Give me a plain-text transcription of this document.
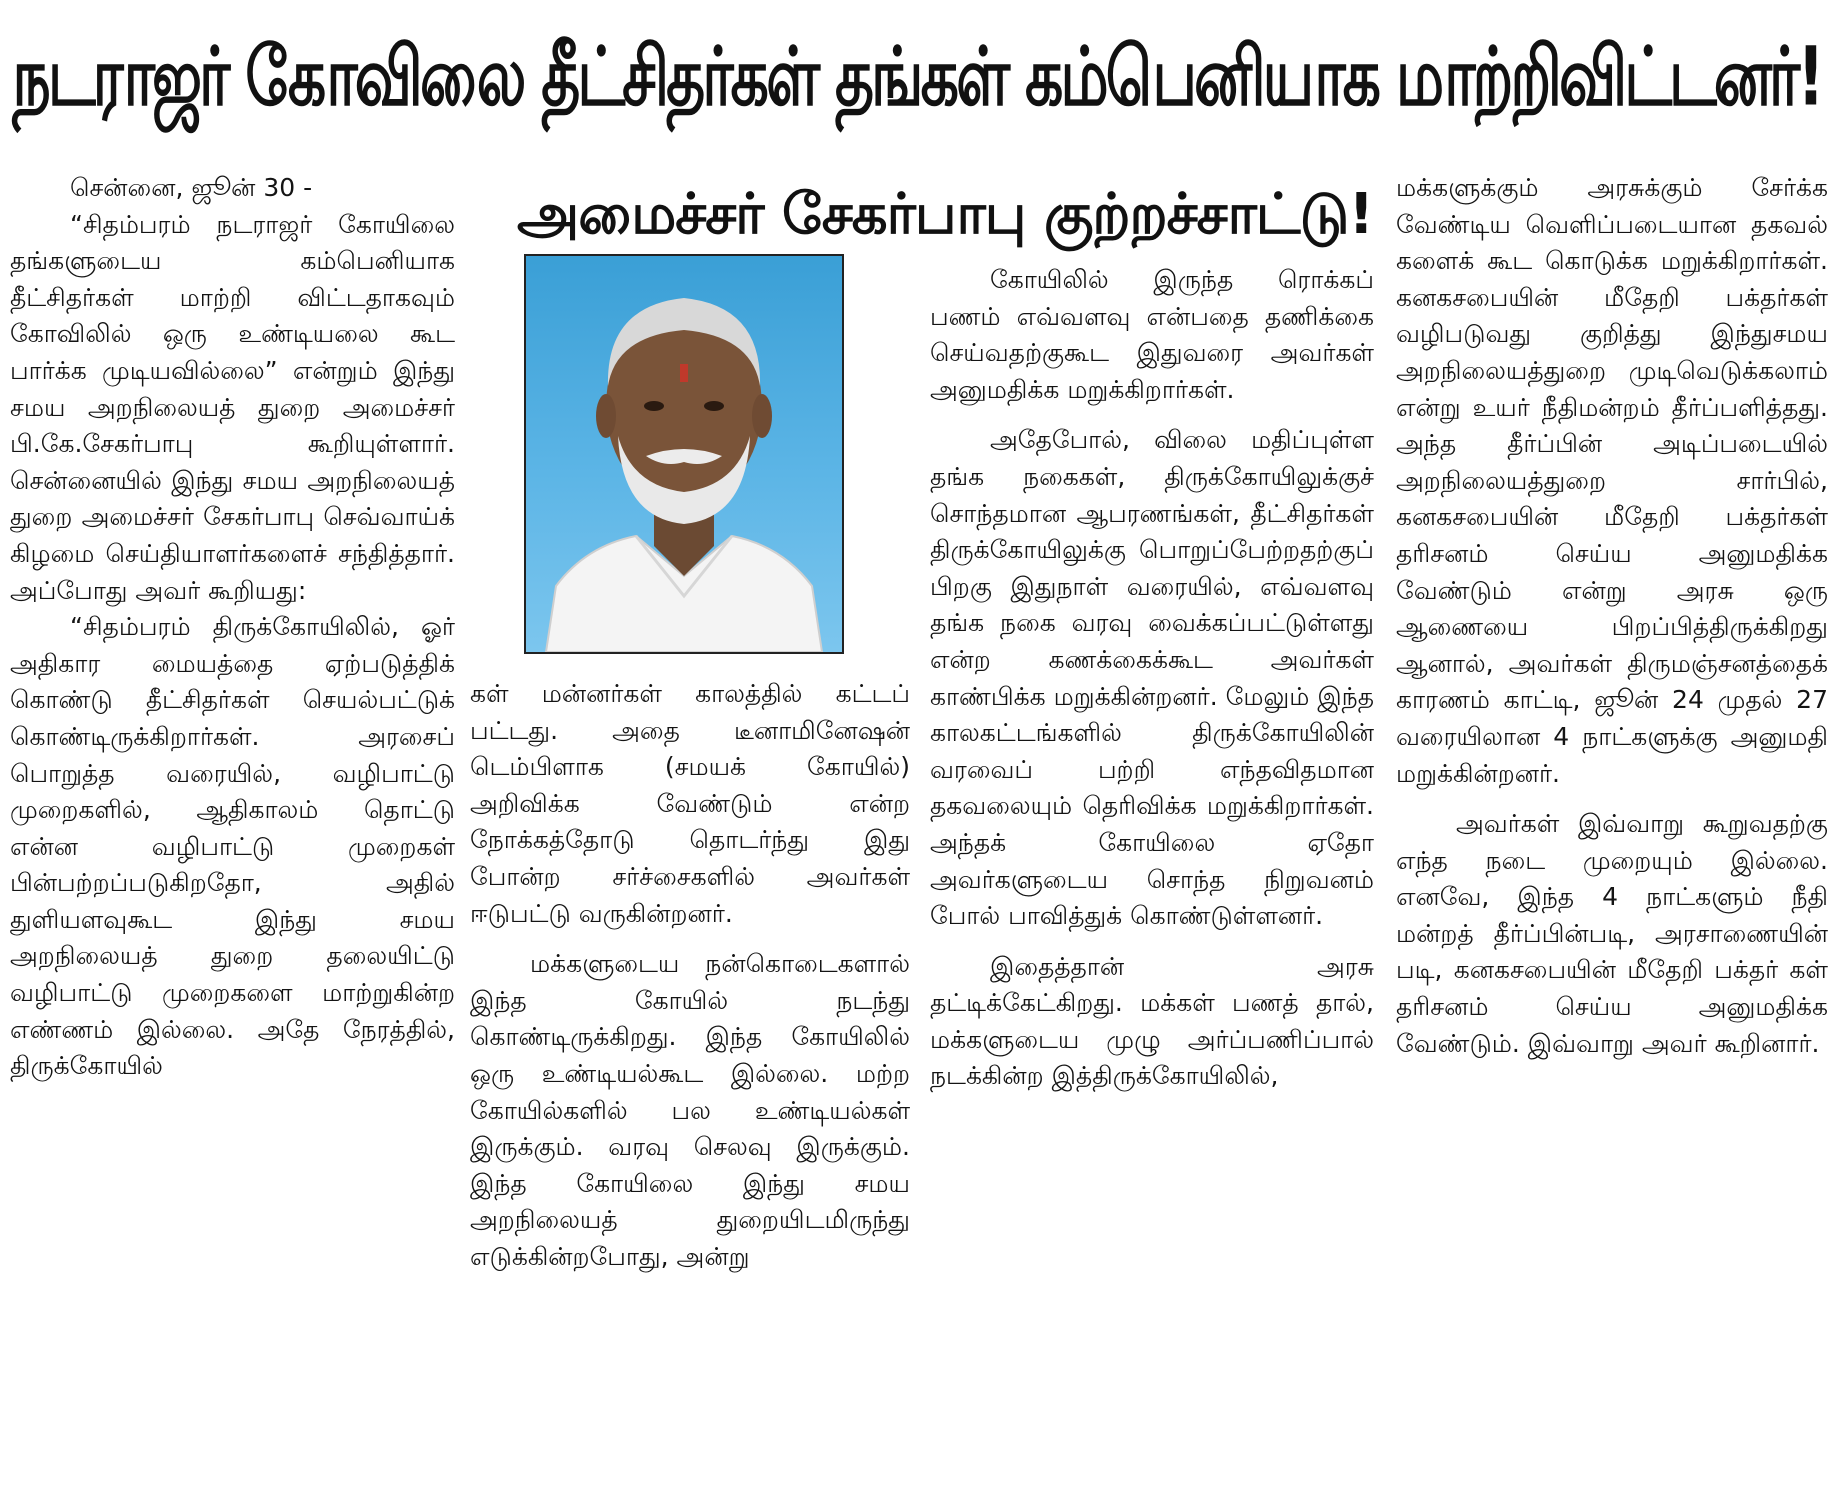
நடராஜர் கோவிலை தீட்சிதர்கள் தங்கள் கம்பெனியாக மாற்றிவிட்டனர்!
அமைச்சர் சேகர்பாபு குற்றச்சாட்டு!

சென்னை, ஜூன் 30 -

“சிதம்பரம் நடராஜர் கோயிலை தங்களுடைய கம்பெனியாக தீட்சிதர்கள் மாற்றி விட்டதாகவும் கோவிலில் ஒரு உண்டியலை கூட பார்க்க முடியவில்லை” என்றும் இந்து சமய அறநிலையத் துறை அமைச்சர் பி.கே.சேகர்பாபு கூறியுள்ளார். சென்னையில் இந்து சமய அறநிலையத் துறை அமைச்சர் சேகர்பாபு செவ்வாய்க் கிழமை செய்தியாளர்களைச் சந்தித்தார். அப்போது அவர் கூறியது:

“சிதம்பரம் திருக்கோயிலில், ஓர் அதிகார மையத்தை ஏற்படுத்திக் கொண்டு தீட்சிதர்கள் செயல்பட்டுக் கொண்டிருக்கிறார்கள். அரசைப் பொறுத்த வரையில், வழிபாட்டு முறைகளில், ஆதிகாலம் தொட்டு என்ன வழிபாட்டு முறைகள் பின்பற்றப்படுகிறதோ, அதில் துளியளவுகூட இந்து சமய அறநிலையத் துறை தலையிட்டு வழிபாட்டு முறைகளை மாற்றுகின்ற எண்ணம் இல்லை. அதே நேரத்தில், திருக்கோயில்

கள் மன்னர்கள் காலத்தில் கட்டப் பட்டது. அதை டீனாமினேஷன் டெம்பிளாக (சமயக் கோயில்) அறிவிக்க வேண்டும் என்ற நோக்கத்தோடு தொடர்ந்து இது போன்ற சர்ச்சைகளில் அவர்கள் ஈடுபட்டு வருகின்றனர்.

மக்களுடைய நன்கொடைகளால் இந்த கோயில் நடந்து கொண்டிருக்கிறது. இந்த கோயிலில் ஒரு உண்டியல்கூட இல்லை. மற்ற கோயில்களில் பல உண்டியல்கள் இருக்கும். வரவு செலவு இருக்கும். இந்த கோயிலை இந்து சமய அறநிலையத் துறையிடமிருந்து எடுக்கின்றபோது, அன்று

கோயிலில் இருந்த ரொக்கப் பணம் எவ்வளவு என்பதை தணிக்கை செய்வதற்குகூட இதுவரை அவர்கள் அனுமதிக்க மறுக்கிறார்கள்.

அதேபோல், விலை மதிப்புள்ள தங்க நகைகள், திருக்கோயிலுக்குச் சொந்தமான ஆபரணங்கள், தீட்சிதர்கள் திருக்கோயிலுக்கு பொறுப்பேற்றதற்குப் பிறகு இதுநாள் வரையில், எவ்வளவு தங்க நகை வரவு வைக்கப்பட்டுள்ளது என்ற கணக்கைக்கூட அவர்கள் காண்பிக்க மறுக்கின்றனர். மேலும் இந்த காலகட்டங்களில் திருக்கோயிலின் வரவைப் பற்றி எந்தவிதமான தகவலையும் தெரிவிக்க மறுக்கிறார்கள். அந்தக் கோயிலை ஏதோ அவர்களுடைய சொந்த நிறுவனம் போல் பாவித்துக் கொண்டுள்ளனர்.

இதைத்தான் அரசு தட்டிக்கேட்கிறது. மக்கள் பணத் தால், மக்களுடைய முழு அர்ப்பணிப்பால் நடக்கின்ற இத்திருக்கோயிலில்,

மக்களுக்கும் அரசுக்கும் சேர்க்க வேண்டிய வெளிப்படையான தகவல் களைக் கூட கொடுக்க மறுக்கிறார்கள். கனகசபையின் மீதேறி பக்தர்கள் வழிபடுவது குறித்து இந்துசமய அறநிலையத்துறை முடிவெடுக்கலாம் என்று உயர் நீதிமன்றம் தீர்ப்பளித்தது. அந்த தீர்ப்பின் அடிப்படையில் அறநிலையத்துறை சார்பில், கனகசபையின் மீதேறி பக்தர்கள் தரிசனம் செய்ய அனுமதிக்க வேண்டும் என்று அரசு ஒரு ஆணையை பிறப்பித்திருக்கிறது ஆனால், அவர்கள் திருமஞ்சனத்தைக் காரணம் காட்டி, ஜூன் 24 முதல் 27 வரையிலான 4 நாட்களுக்கு அனுமதி மறுக்கின்றனர்.

அவர்கள் இவ்வாறு கூறுவதற்கு எந்த நடை முறையும் இல்லை. எனவே, இந்த 4 நாட்களும் நீதி மன்றத் தீர்ப்பின்படி, அரசாணையின் படி, கனகசபையின் மீதேறி பக்தர் கள் தரிசனம் செய்ய அனுமதிக்க வேண்டும். இவ்வாறு அவர் கூறினார்.
